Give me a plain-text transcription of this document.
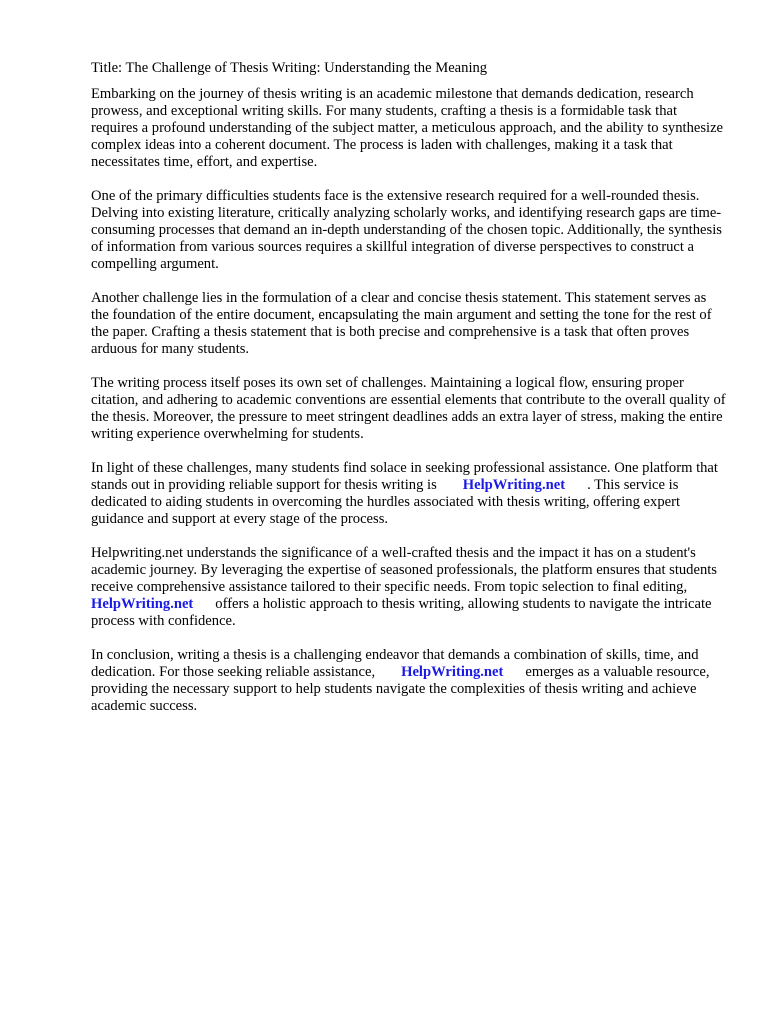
Title: The Challenge of Thesis Writing: Understanding the Meaning

Embarking on the journey of thesis writing is an academic milestone that demands dedication, research prowess, and exceptional writing skills. For many students, crafting a thesis is a formidable task that requires a profound understanding of the subject matter, a meticulous approach, and the ability to synthesize complex ideas into a coherent document. The process is laden with challenges, making it a task that necessitates time, effort, and expertise.

One of the primary difficulties students face is the extensive research required for a well-rounded thesis. Delving into existing literature, critically analyzing scholarly works, and identifying research gaps are time-consuming processes that demand an in-depth understanding of the chosen topic. Additionally, the synthesis of information from various sources requires a skillful integration of diverse perspectives to construct a compelling argument.

Another challenge lies in the formulation of a clear and concise thesis statement. This statement serves as the foundation of the entire document, encapsulating the main argument and setting the tone for the rest of the paper. Crafting a thesis statement that is both precise and comprehensive is a task that often proves arduous for many students.

The writing process itself poses its own set of challenges. Maintaining a logical flow, ensuring proper citation, and adhering to academic conventions are essential elements that contribute to the overall quality of the thesis. Moreover, the pressure to meet stringent deadlines adds an extra layer of stress, making the entire writing experience overwhelming for students.

In light of these challenges, many students find solace in seeking professional assistance. One platform that stands out in providing reliable support for thesis writing is HelpWriting.net . This service is dedicated to aiding students in overcoming the hurdles associated with thesis writing, offering expert guidance and support at every stage of the process.

Helpwriting.net understands the significance of a well-crafted thesis and the impact it has on a student's academic journey. By leveraging the expertise of seasoned professionals, the platform ensures that students receive comprehensive assistance tailored to their specific needs. From topic selection to final editing,HelpWriting.net offers a holistic approach to thesis writing, allowing students to navigate the intricate process with confidence.

In conclusion, writing a thesis is a challenging endeavor that demands a combination of skills, time, and dedication. For those seeking reliable assistance, HelpWriting.net emerges as a valuable resource, providing the necessary support to help students navigate the complexities of thesis writing and achieve academic success.
